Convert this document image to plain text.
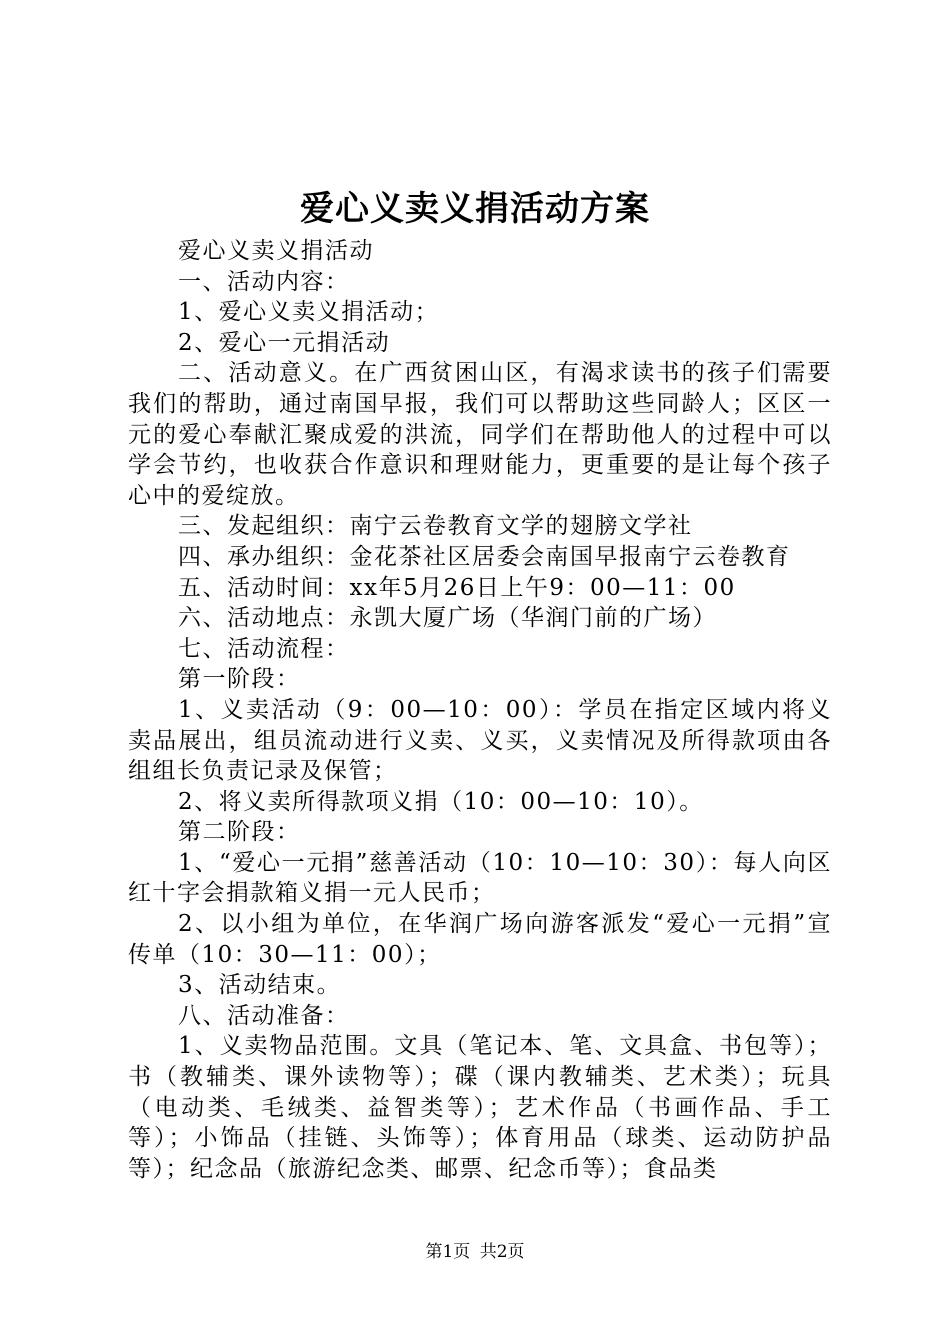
爱心义卖义捐活动方案

爱心义卖义捐活动

一、活动内容：

1、爱心义卖义捐活动；

2、爱心一元捐活动

二、活动意义。在广西贫困山区，有渴求读书的孩子们需要我们的帮助，通过南国早报，我们可以帮助这些同龄人；区区一元的爱心奉献汇聚成爱的洪流，同学们在帮助他人的过程中可以学会节约，也收获合作意识和理财能力，更重要的是让每个孩子心中的爱绽放。

三、发起组织：南宁云卷教育文学的翅膀文学社

四、承办组织：金花茶社区居委会南国早报南宁云卷教育

五、活动时间：xx年5月26日上午9：00—11：00

六、活动地点：永凯大厦广场（华润门前的广场）

七、活动流程：

第一阶段：

1、义卖活动（9：00—10：00）：学员在指定区域内将义卖品展出，组员流动进行义卖、义买，义卖情况及所得款项由各组组长负责记录及保管；

2、将义卖所得款项义捐（10：00—10：10）。

第二阶段：

1、“爱心一元捐”慈善活动（10：10—10：30）：每人向区红十字会捐款箱义捐一元人民币；

2、以小组为单位，在华润广场向游客派发“爱心一元捐”宣传单（10：30—11：00）；

3、活动结束。

八、活动准备：

1、义卖物品范围。文具（笔记本、笔、文具盒、书包等）；书（教辅类、课外读物等）；碟（课内教辅类、艺术类）；玩具（电动类、毛绒类、益智类等）；艺术作品（书画作品、手工等）；小饰品（挂链、头饰等）；体育用品（球类、运动防护品等）；纪念品（旅游纪念类、邮票、纪念币等）；食品类

第1页 共2页
